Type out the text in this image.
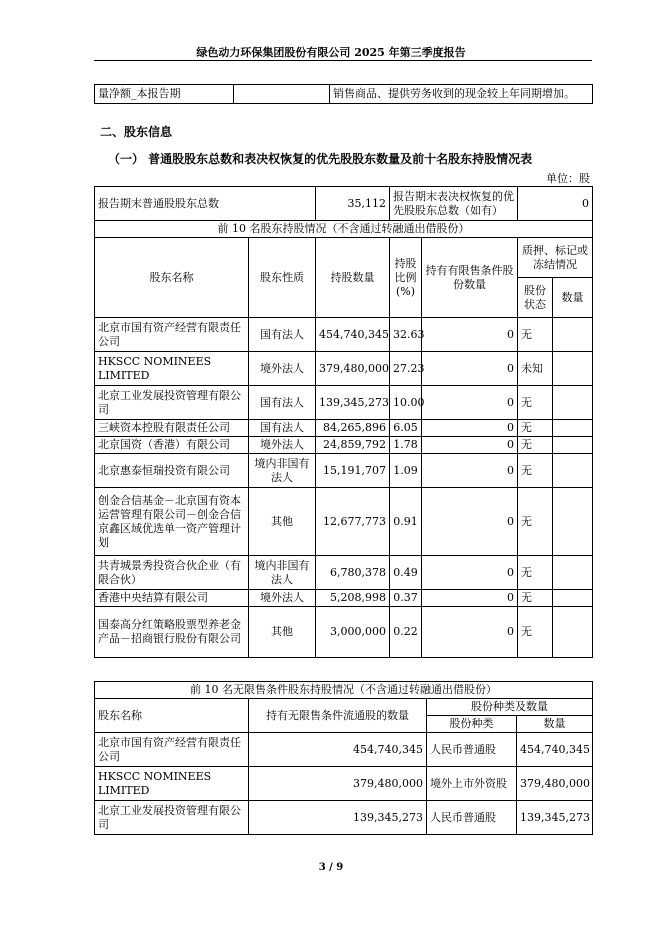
绿色动力环保集团股份有限公司 2025 年第三季度报告
量净额_本报告期		销售商品、提供劳务收到的现金较上年同期增加。
二、股东信息
（一） 普通股股东总数和表决权恢复的优先股股东数量及前十名股东持股情况表
单位：股
报告期末普通股股东总数		35,112	报告期末表决权恢复的优先股股东总数（如有）		0	
前 10 名股东持股情况（不含通过转融通出借股份）						
股东名称	股东性质	持股数量	持股比例(%)	持有有限售条件股份数量	质押、标记或冻结情况	
					股份状态	数量
北京市国有资产经营有限责任公司	国有法人	454,740,345	32.63	0	无	
HKSCC NOMINEES LIMITED	境外法人	379,480,000	27.23	0	未知	
北京工业发展投资管理有限公司	国有法人	139,345,273	10.00	0	无	
三峡资本控股有限责任公司	国有法人	84,265,896	6.05	0	无	
北京国资（香港）有限公司	境外法人	24,859,792	1.78	0	无	
北京惠泰恒瑞投资有限公司	境内非国有法人	15,191,707	1.09	0	无	
创金合信基金－北京国有资本运营管理有限公司－创金合信京鑫区域优选单一资产管理计划	其他	12,677,773	0.91	0	无	
共青城景秀投资合伙企业（有限合伙）	境内非国有法人	6,780,378	0.49	0	无	
香港中央结算有限公司	境外法人	5,208,998	0.37	0	无	
国泰高分红策略股票型养老金产品－招商银行股份有限公司	其他	3,000,000	0.22	0	无	
前 10 名无限售条件股东持股情况（不含通过转融通出借股份）			
股东名称	持有无限售条件流通股的数量	股份种类及数量	
		股份种类	数量
北京市国有资产经营有限责任公司	454,740,345	人民币普通股	454,740,345
HKSCC NOMINEES LIMITED	379,480,000	境外上市外资股	379,480,000
北京工业发展投资管理有限公司	139,345,273	人民币普通股	139,345,273
3 / 9
